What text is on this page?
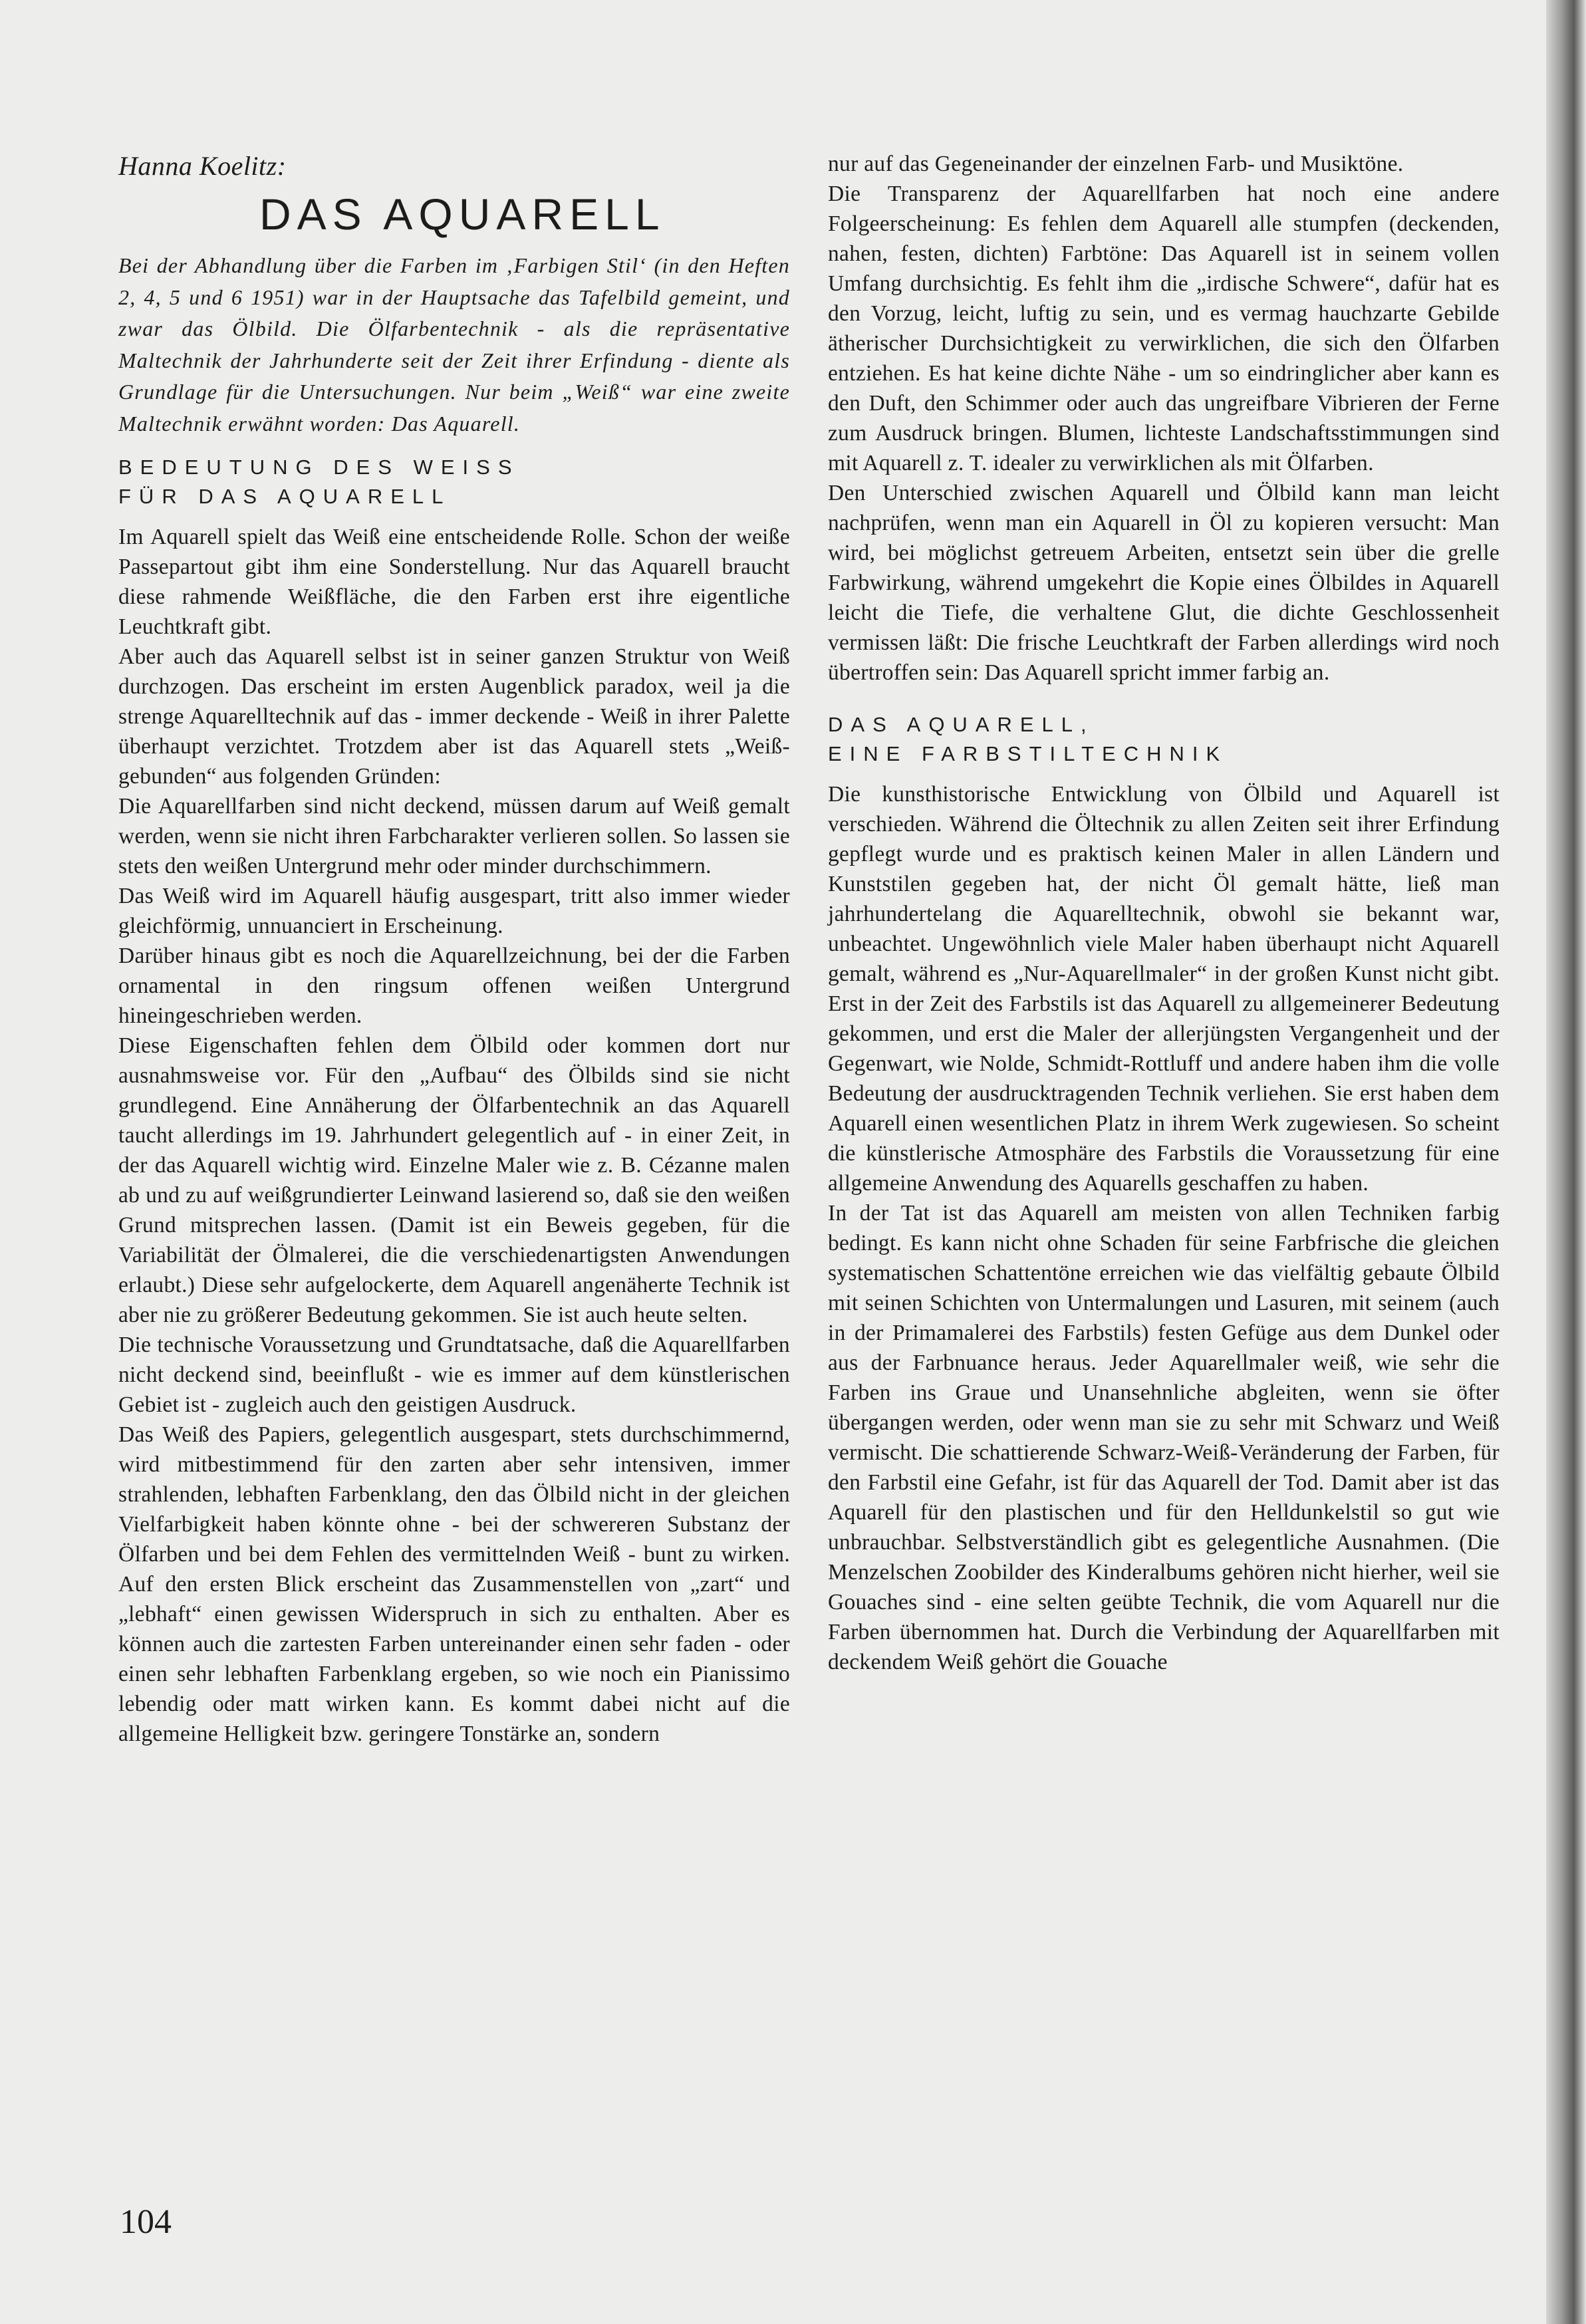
Hanna Koelitz:

DAS AQUARELL

Bei der Abhandlung über die Farben im ‚Farbigen Stil‘ (in den Heften 2, 4, 5 und 6 1951) war in der Hauptsache das Tafelbild gemeint, und zwar das Ölbild. Die Ölfarbentechnik - als die repräsentative Maltechnik der Jahrhunderte seit der Zeit ihrer Erfindung - diente als Grundlage für die Untersuchungen. Nur beim „Weiß“ war eine zweite Maltechnik erwähnt worden: Das Aquarell.

BEDEUTUNG DES WEISS
FÜR DAS AQUARELL

Im Aquarell spielt das Weiß eine entscheidende Rolle. Schon der weiße Passepartout gibt ihm eine Sonderstellung. Nur das Aquarell braucht diese rahmende Weißfläche, die den Farben erst ihre eigentliche Leuchtkraft gibt.

Aber auch das Aquarell selbst ist in seiner ganzen Struktur von Weiß durchzogen. Das erscheint im ersten Augenblick paradox, weil ja die strenge Aquarelltechnik auf das - immer deckende - Weiß in ihrer Palette überhaupt verzichtet. Trotzdem aber ist das Aquarell stets „Weiß-gebunden“ aus folgenden Gründen:

Die Aquarellfarben sind nicht deckend, müssen darum auf Weiß gemalt werden, wenn sie nicht ihren Farbcharakter verlieren sollen. So lassen sie stets den weißen Untergrund mehr oder minder durchschimmern.

Das Weiß wird im Aquarell häufig ausgespart, tritt also immer wieder gleichförmig, unnuanciert in Erscheinung.

Darüber hinaus gibt es noch die Aquarellzeichnung, bei der die Farben ornamental in den ringsum offenen weißen Untergrund hineingeschrieben werden.

Diese Eigenschaften fehlen dem Ölbild oder kommen dort nur ausnahmsweise vor. Für den „Aufbau“ des Ölbilds sind sie nicht grundlegend. Eine Annäherung der Ölfarbentechnik an das Aquarell taucht allerdings im 19. Jahrhundert gelegentlich auf - in einer Zeit, in der das Aquarell wichtig wird. Einzelne Maler wie z. B. Cézanne malen ab und zu auf weißgrundierter Leinwand lasierend so, daß sie den weißen Grund mitsprechen lassen. (Damit ist ein Beweis gegeben, für die Variabilität der Ölmalerei, die die verschiedenartigsten Anwendungen erlaubt.) Diese sehr aufgelockerte, dem Aquarell angenäherte Technik ist aber nie zu größerer Bedeutung gekommen. Sie ist auch heute selten.

Die technische Voraussetzung und Grundtatsache, daß die Aquarellfarben nicht deckend sind, beeinflußt - wie es immer auf dem künstlerischen Gebiet ist - zugleich auch den geistigen Ausdruck.

Das Weiß des Papiers, gelegentlich ausgespart, stets durchschimmernd, wird mitbestimmend für den zarten aber sehr intensiven, immer strahlenden, lebhaften Farbenklang, den das Ölbild nicht in der gleichen Vielfarbigkeit haben könnte ohne - bei der schwereren Substanz der Ölfarben und bei dem Fehlen des vermittelnden Weiß - bunt zu wirken. Auf den ersten Blick erscheint das Zusammenstellen von „zart“ und „lebhaft“ einen gewissen Widerspruch in sich zu enthalten. Aber es können auch die zartesten Farben untereinander einen sehr faden - oder einen sehr lebhaften Farbenklang ergeben, so wie noch ein Pianissimo lebendig oder matt wirken kann. Es kommt dabei nicht auf die allgemeine Helligkeit bzw. geringere Tonstärke an, sondern

nur auf das Gegeneinander der einzelnen Farb- und Musiktöne.

Die Transparenz der Aquarellfarben hat noch eine andere Folgeerscheinung: Es fehlen dem Aquarell alle stumpfen (deckenden, nahen, festen, dichten) Farbtöne: Das Aquarell ist in seinem vollen Umfang durchsichtig. Es fehlt ihm die „irdische Schwere“, dafür hat es den Vorzug, leicht, luftig zu sein, und es vermag hauchzarte Gebilde ätherischer Durchsichtigkeit zu verwirklichen, die sich den Ölfarben entziehen. Es hat keine dichte Nähe - um so eindringlicher aber kann es den Duft, den Schimmer oder auch das ungreifbare Vibrieren der Ferne zum Ausdruck bringen. Blumen, lichteste Landschaftsstimmungen sind mit Aquarell z. T. idealer zu verwirklichen als mit Ölfarben.

Den Unterschied zwischen Aquarell und Ölbild kann man leicht nachprüfen, wenn man ein Aquarell in Öl zu kopieren versucht: Man wird, bei möglichst getreuem Arbeiten, entsetzt sein über die grelle Farbwirkung, während umgekehrt die Kopie eines Ölbildes in Aquarell leicht die Tiefe, die verhaltene Glut, die dichte Geschlossenheit vermissen läßt: Die frische Leuchtkraft der Farben allerdings wird noch übertroffen sein: Das Aquarell spricht immer farbig an.

DAS AQUARELL,
EINE FARBSTILTECHNIK

Die kunsthistorische Entwicklung von Ölbild und Aquarell ist verschieden. Während die Öltechnik zu allen Zeiten seit ihrer Erfindung gepflegt wurde und es praktisch keinen Maler in allen Ländern und Kunststilen gegeben hat, der nicht Öl gemalt hätte, ließ man jahrhundertelang die Aquarelltechnik, obwohl sie bekannt war, unbeachtet. Ungewöhnlich viele Maler haben überhaupt nicht Aquarell gemalt, während es „Nur-Aquarellmaler“ in der großen Kunst nicht gibt. Erst in der Zeit des Farbstils ist das Aquarell zu allgemeinerer Bedeutung gekommen, und erst die Maler der allerjüngsten Vergangenheit und der Gegenwart, wie Nolde, Schmidt-Rottluff und andere haben ihm die volle Bedeutung der ausdrucktragenden Technik verliehen. Sie erst haben dem Aquarell einen wesentlichen Platz in ihrem Werk zugewiesen. So scheint die künstlerische Atmosphäre des Farbstils die Voraussetzung für eine allgemeine Anwendung des Aquarells geschaffen zu haben.

In der Tat ist das Aquarell am meisten von allen Techniken farbig bedingt. Es kann nicht ohne Schaden für seine Farbfrische die gleichen systematischen Schattentöne erreichen wie das vielfältig gebaute Ölbild mit seinen Schichten von Untermalungen und Lasuren, mit seinem (auch in der Primamalerei des Farbstils) festen Gefüge aus dem Dunkel oder aus der Farbnuance heraus. Jeder Aquarellmaler weiß, wie sehr die Farben ins Graue und Unansehnliche abgleiten, wenn sie öfter übergangen werden, oder wenn man sie zu sehr mit Schwarz und Weiß vermischt. Die schattierende Schwarz-Weiß-Veränderung der Farben, für den Farbstil eine Gefahr, ist für das Aquarell der Tod. Damit aber ist das Aquarell für den plastischen und für den Helldunkelstil so gut wie unbrauchbar. Selbstverständlich gibt es gelegentliche Ausnahmen. (Die Menzelschen Zoobilder des Kinderalbums gehören nicht hierher, weil sie Gouaches sind - eine selten geübte Technik, die vom Aquarell nur die Farben übernommen hat. Durch die Verbindung der Aquarellfarben mit deckendem Weiß gehört die Gouache

104
